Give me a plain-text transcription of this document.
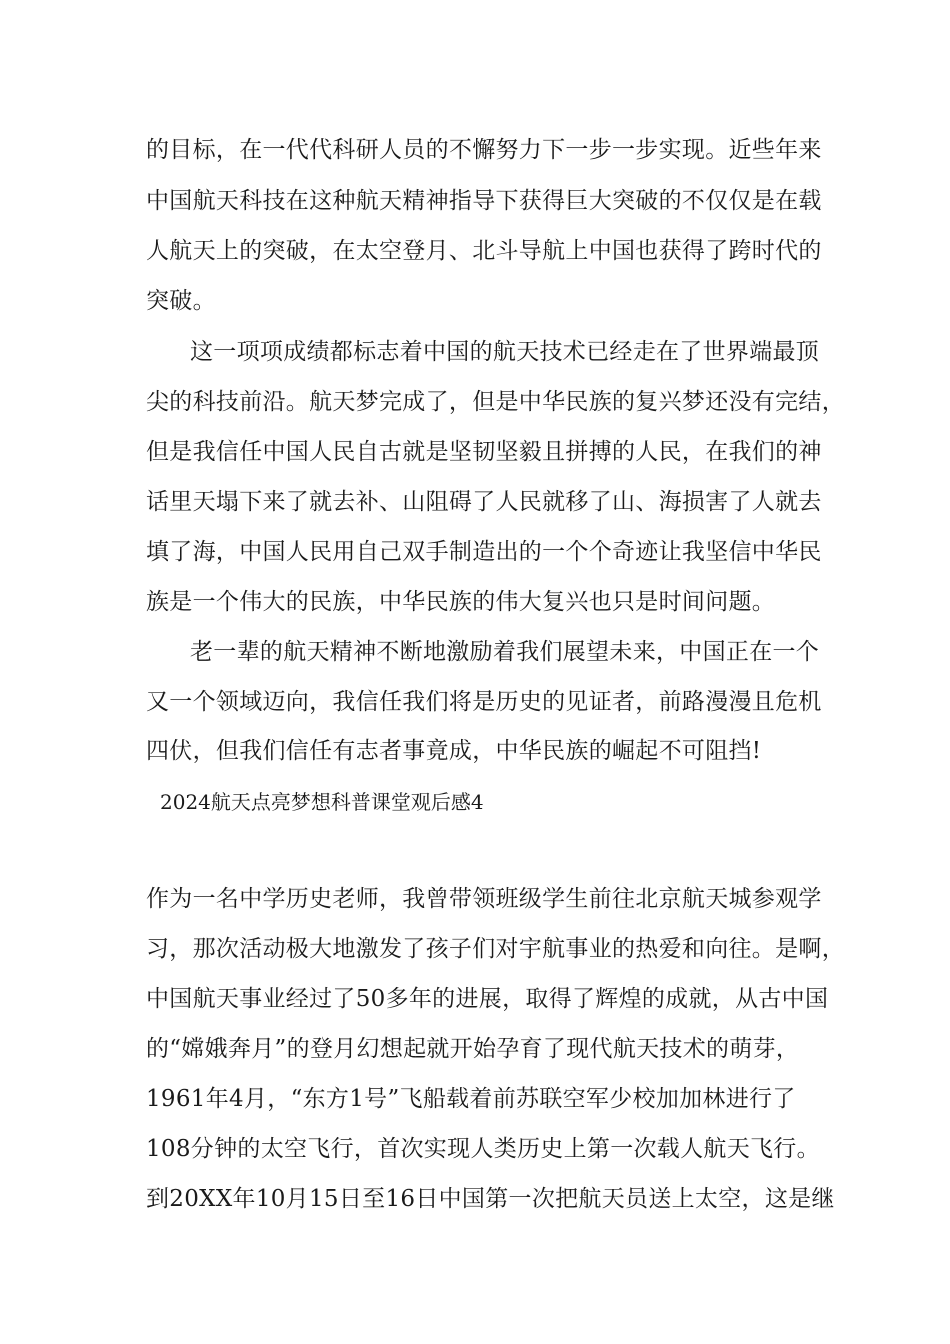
的目标，在一代代科研人员的不懈努力下一步一步实现。近些年来
中国航天科技在这种航天精神指导下获得巨大突破的不仅仅是在载
人航天上的突破，在太空登月、北斗导航上中国也获得了跨时代的
突破。
这一项项成绩都标志着中国的航天技术已经走在了世界端最顶
尖的科技前沿。航天梦完成了，但是中华民族的复兴梦还没有完结，
但是我信任中国人民自古就是坚韧坚毅且拼搏的人民，在我们的神
话里天塌下来了就去补、山阻碍了人民就移了山、海损害了人就去
填了海，中国人民用自己双手制造出的一个个奇迹让我坚信中华民
族是一个伟大的民族，中华民族的伟大复兴也只是时间问题。
老一辈的航天精神不断地激励着我们展望未来，中国正在一个
又一个领域迈向，我信任我们将是历史的见证者，前路漫漫且危机
四伏，但我们信任有志者事竟成，中华民族的崛起不可阻挡!
2024航天点亮梦想科普课堂观后感4
作为一名中学历史老师，我曾带领班级学生前往北京航天城参观学
习，那次活动极大地激发了孩子们对宇航事业的热爱和向往。是啊，
中国航天事业经过了50多年的进展，取得了辉煌的成就，从古中国
的“嫦娥奔月”的登月幻想起就开始孕育了现代航天技术的萌芽，
1961年4月，“东方1号”飞船载着前苏联空军少校加加林进行了
108分钟的太空飞行，首次实现人类历史上第一次载人航天飞行。
到20XX年10月15日至16日中国第一次把航天员送上太空，这是继
